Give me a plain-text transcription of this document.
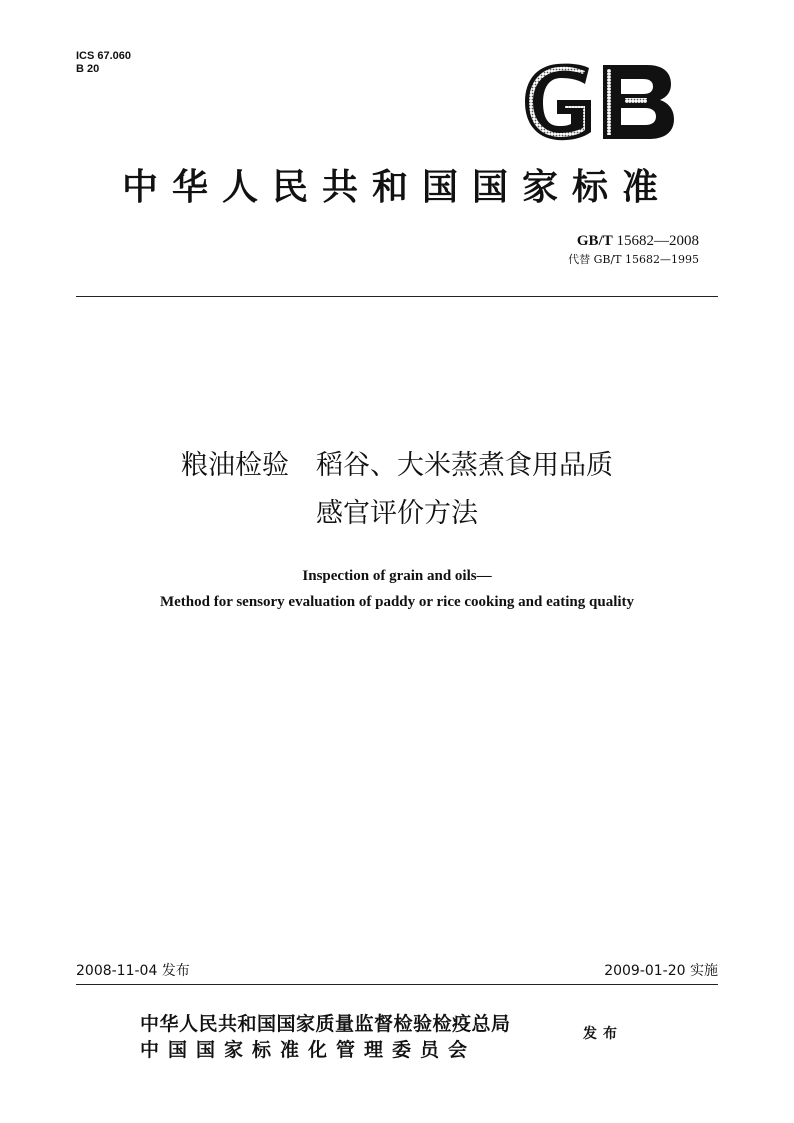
ICS 67.060
B 20
中华人民共和国国家标准
GB/T 15682—2008
代替 GB/T 15682—1995
粮油检验　稻谷、大米蒸煮食用品质
感官评价方法
Inspection of grain and oils—
Method for sensory evaluation of paddy or rice cooking and eating quality
2008-11-04 发布	2009-01-20 实施
中华人民共和国国家质量监督检验检疫总局
中国国家标准化管理委员会
发布
